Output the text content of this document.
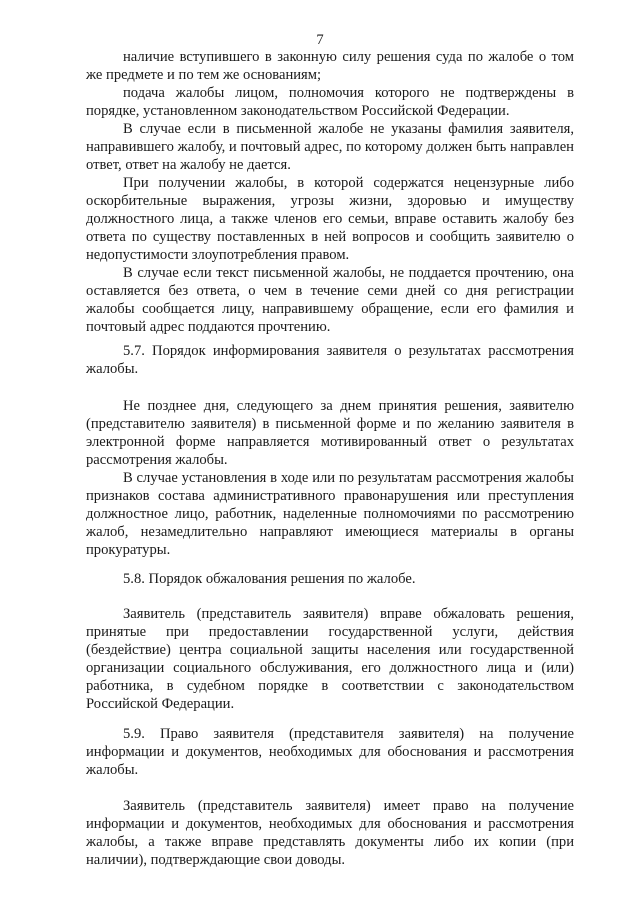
7

наличие вступившего в законную силу решения суда по жалобе о том же предмете и по тем же основаниям;

подача жалобы лицом, полномочия которого не подтверждены в порядке, установленном законодательством Российской Федерации.

В случае если в письменной жалобе не указаны фамилия заявителя, направившего жалобу, и почтовый адрес, по которому должен быть направлен ответ, ответ на жалобу не дается.

При получении жалобы, в которой содержатся нецензурные либо оскорбительные выражения, угрозы жизни, здоровью и имуществу должностного лица, а также членов его семьи, вправе оставить жалобу без ответа по существу поставленных в ней вопросов и сообщить заявителю о недопустимости злоупотребления правом.

В случае если текст письменной жалобы, не поддается прочтению, она оставляется без ответа, о чем в течение семи дней со дня регистрации жалобы сообщается лицу, направившему обращение, если его фамилия и почтовый адрес поддаются прочтению.

5.7. Порядок информирования заявителя о результатах рассмотрения жалобы.

Не позднее дня, следующего за днем принятия решения, заявителю (представителю заявителя) в письменной форме и по желанию заявителя в электронной форме направляется мотивированный ответ о результатах рассмотрения жалобы.

В случае установления в ходе или по результатам рассмотрения жалобы признаков состава административного правонарушения или преступления должностное лицо, работник, наделенные полномочиями по рассмотрению жалоб, незамедлительно направляют имеющиеся материалы в органы прокуратуры.

5.8. Порядок обжалования решения по жалобе.

Заявитель (представитель заявителя) вправе обжаловать решения, принятые при предоставлении государственной услуги, действия (бездействие) центра социальной защиты населения или государственной организации социального обслуживания, его должностного лица и (или) работника, в судебном порядке в соответствии с законодательством Российской Федерации.

5.9. Право заявителя (представителя заявителя) на получение информации и документов, необходимых для обоснования и рассмотрения жалобы.

Заявитель (представитель заявителя) имеет право на получение информации и документов, необходимых для обоснования и рассмотрения жалобы, а также вправе представлять документы либо их копии (при наличии), подтверждающие свои доводы.
